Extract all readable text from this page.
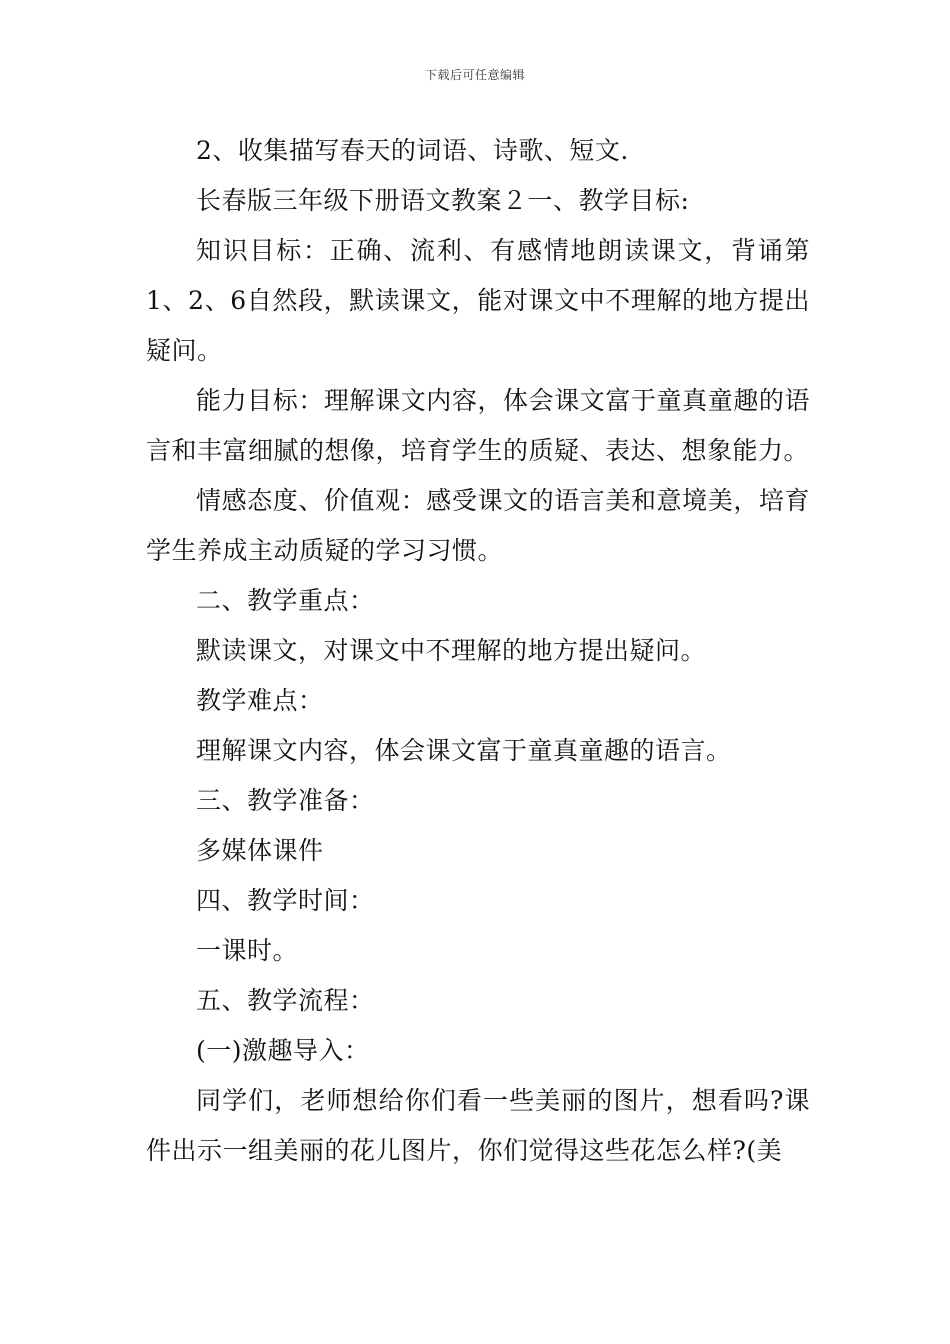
下载后可任意编辑

2、收集描写春天的词语、诗歌、短文.

长春版三年级下册语文教案２一、教学目标:

知识目标：正确、流利、有感情地朗读课文，背诵第1、2、6自然段，默读课文，能对课文中不理解的地方提出疑问。

能力目标：理解课文内容，体会课文富于童真童趣的语言和丰富细腻的想像，培育学生的质疑、表达、想象能力。

情感态度、价值观：感受课文的语言美和意境美，培育学生养成主动质疑的学习习惯。

二、教学重点：

默读课文，对课文中不理解的地方提出疑问。

教学难点：

理解课文内容，体会课文富于童真童趣的语言。

三、教学准备：

多媒体课件

四、教学时间：

一课时。

五、教学流程：

(一)激趣导入：

同学们，老师想给你们看一些美丽的图片，想看吗?课件出示一组美丽的花儿图片，你们觉得这些花怎么样?(美
